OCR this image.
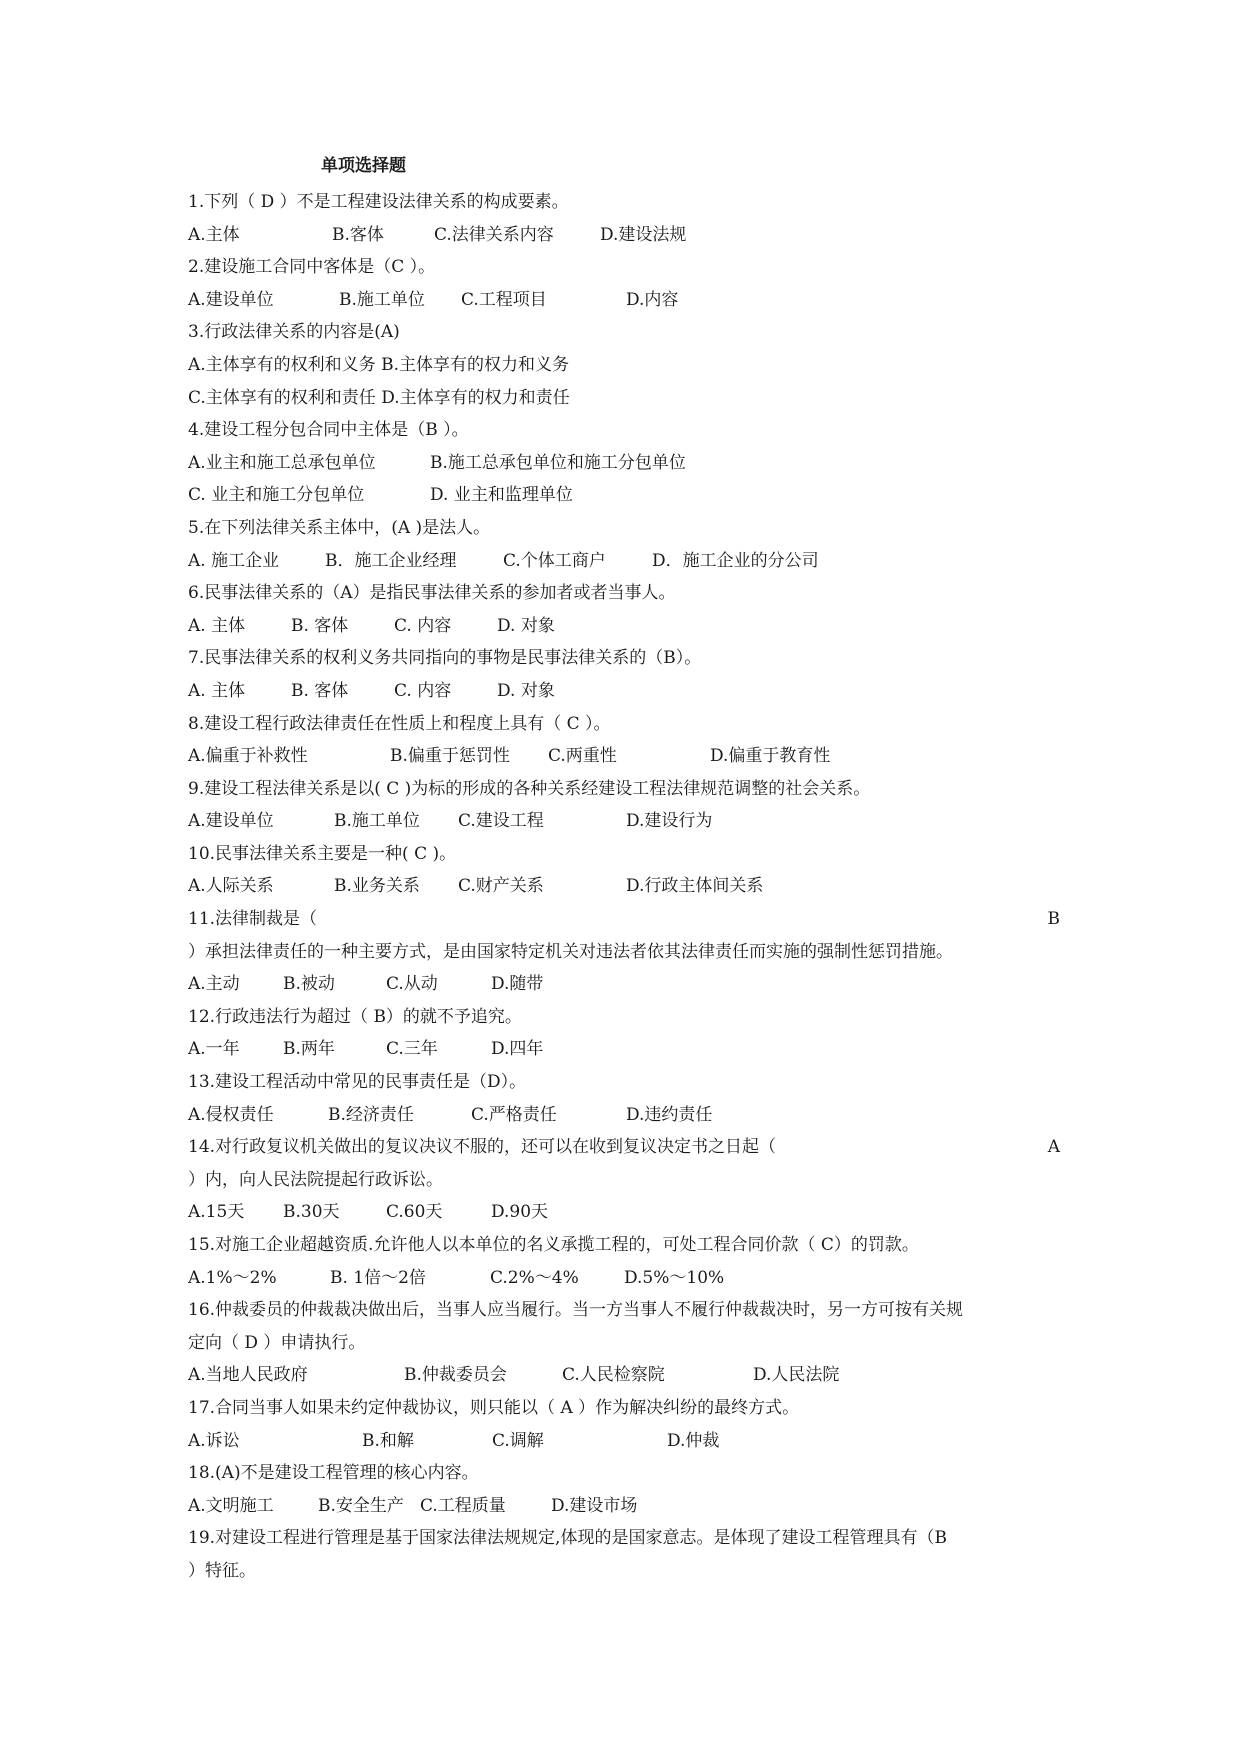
单项选择题
1.下列（ D ）不是工程建设法律关系的构成要素。
A.主体	B.客体	C.法律关系内容	D.建设法规
2.建设施工合同中客体是（C ）。
A.建设单位	B.施工单位 C.工程项目	D.内容
3.行政法律关系的内容是(A)
A.主体享有的权利和义务 B.主体享有的权力和义务
C.主体享有的权利和责任 D.主体享有的权力和责任
4.建设工程分包合同中主体是（B ）。
A.业主和施工总承包单位	B.施工总承包单位和施工分包单位
C. 业主和施工分包单位	D. 业主和监理单位
5.在下列法律关系主体中，(A )是法人。
A. 施工企业	B．施工企业经理	C.个体工商户	D．施工企业的分公司
6.民事法律关系的（A）是指民事法律关系的参加者或者当事人。
A. 主体	B. 客体	C. 内容	D. 对象
7.民事法律关系的权利义务共同指向的事物是民事法律关系的（B）。
A. 主体	B. 客体	C. 内容	D. 对象
8.建设工程行政法律责任在性质上和程度上具有（ C ）。
A.偏重于补救性	B.偏重于惩罚性 C.两重性	D.偏重于教育性
9.建设工程法律关系是以( C )为标的形成的各种关系经建设工程法律规范调整的社会关系。
A.建设单位	B.施工单位 C.建设工程	D.建设行为
10.民事法律关系主要是一种( C )。
A.人际关系	B.业务关系 C.财产关系	D.行政主体间关系
11.法律制裁是（	B
）承担法律责任的一种主要方式，是由国家特定机关对违法者依其法律责任而实施的强制性惩罚措施。
A.主动	B.被动	C.从动	D.随带
12.行政违法行为超过（ B）的就不予追究。
A.一年	B.两年	C.三年	D.四年
13.建设工程活动中常见的民事责任是（D）。
A.侵权责任	B.经济责任	C.严格责任	D.违约责任
14.对行政复议机关做出的复议决议不服的，还可以在收到复议决定书之日起（	A
）内，向人民法院提起行政诉讼。
A.15天 B.30天	C.60天	D.90天
15.对施工企业超越资质.允许他人以本单位的名义承揽工程的，可处工程合同价款（ C）的罚款。
A.1%～2%	B. 1倍～2倍	C.2%～4%	D.5%～10%
16.仲裁委员的仲裁裁决做出后，当事人应当履行。当一方当事人不履行仲裁裁决时，另一方可按有关规
定向（ D ）申请执行。
A.当地人民政府	B.仲裁委员会	C.人民检察院	D.人民法院
17.合同当事人如果未约定仲裁协议，则只能以（ A ）作为解决纠纷的最终方式。
A.诉讼	B.和解	C.调解	D.仲裁
18.(A)不是建设工程管理的核心内容。
A.文明施工	B.安全生产 C.工程质量	D.建设市场
19.对建设工程进行管理是基于国家法律法规规定,体现的是国家意志。是体现了建设工程管理具有（B
）特征。
